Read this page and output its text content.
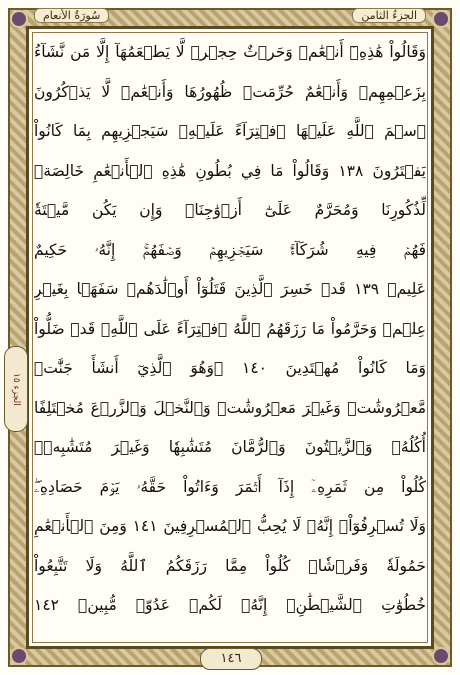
الجزءُ الثامن
سُورَةُ الأنعام
وَقَالُواْ هَٰذِهِۦٓ أَنۡعَٰمٞ وَحَرۡثٌ حِجۡرٞ لَّا يَطۡعَمُهَآ إِلَّا مَن نَّشَآءُ
بِزَعۡمِهِمۡ وَأَنۡعَٰمٌ حُرِّمَتۡ ظُهُورُهَا وَأَنۡعَٰمٞ لَّا يَذۡكُرُونَ
ٱسۡمَ ٱللَّهِ عَلَيۡهَا ٱفۡتِرَآءً عَلَيۡهِۚ سَيَجۡزِيهِم بِمَا كَانُواْ
يَفۡتَرُونَ ١٣٨ وَقَالُواْ مَا فِي بُطُونِ هَٰذِهِ ٱلۡأَنۡعَٰمِ خَالِصَةٞ
لِّذُكُورِنَا وَمُحَرَّمٌ عَلَىٰٓ أَزۡوَٰجِنَاۖ وَإِن يَكُن مَّيۡتَةٗ
فَهُمۡ فِيهِ شُرَكَآءُۚ سَيَجۡزِيهِمۡ وَصۡفَهُمۡۚ إِنَّهُۥ حَكِيمٌ
عَلِيمٞ ١٣٩ قَدۡ خَسِرَ ٱلَّذِينَ قَتَلُوٓاْ أَوۡلَٰدَهُمۡ سَفَهَۢا بِغَيۡرِ
عِلۡمٖ وَحَرَّمُواْ مَا رَزَقَهُمُ ٱللَّهُ ٱفۡتِرَآءً عَلَى ٱللَّهِۚ قَدۡ ضَلُّواْ
وَمَا كَانُواْ مُهۡتَدِينَ ١٤٠ ۞وَهُوَ ٱلَّذِيٓ أَنشَأَ جَنَّٰتٖ
مَّعۡرُوشَٰتٖ وَغَيۡرَ مَعۡرُوشَٰتٖ وَٱلنَّخۡلَ وَٱلزَّرۡعَ مُخۡتَلِفًا
أُكُلُهُۥ وَٱلزَّيۡتُونَ وَٱلرُّمَّانَ مُتَشَٰبِهٗا وَغَيۡرَ مُتَشَٰبِهٖۚ
كُلُواْ مِن ثَمَرِهِۦٓ إِذَآ أَثۡمَرَ وَءَاتُواْ حَقَّهُۥ يَوۡمَ حَصَادِهِۦۖ
وَلَا تُسۡرِفُوٓاْۚ إِنَّهُۥ لَا يُحِبُّ ٱلۡمُسۡرِفِينَ ١٤١ وَمِنَ ٱلۡأَنۡعَٰمِ
حَمُولَةٗ وَفَرۡشٗاۚ كُلُواْ مِمَّا رَزَقَكُمُ ٱللَّهُ وَلَا تَتَّبِعُواْ
خُطُوَٰتِ ٱلشَّيۡطَٰنِۚ إِنَّهُۥ لَكُمۡ عَدُوّٞ مُّبِينٞ ١٤٢
الجزء ١٥
١٤٦
